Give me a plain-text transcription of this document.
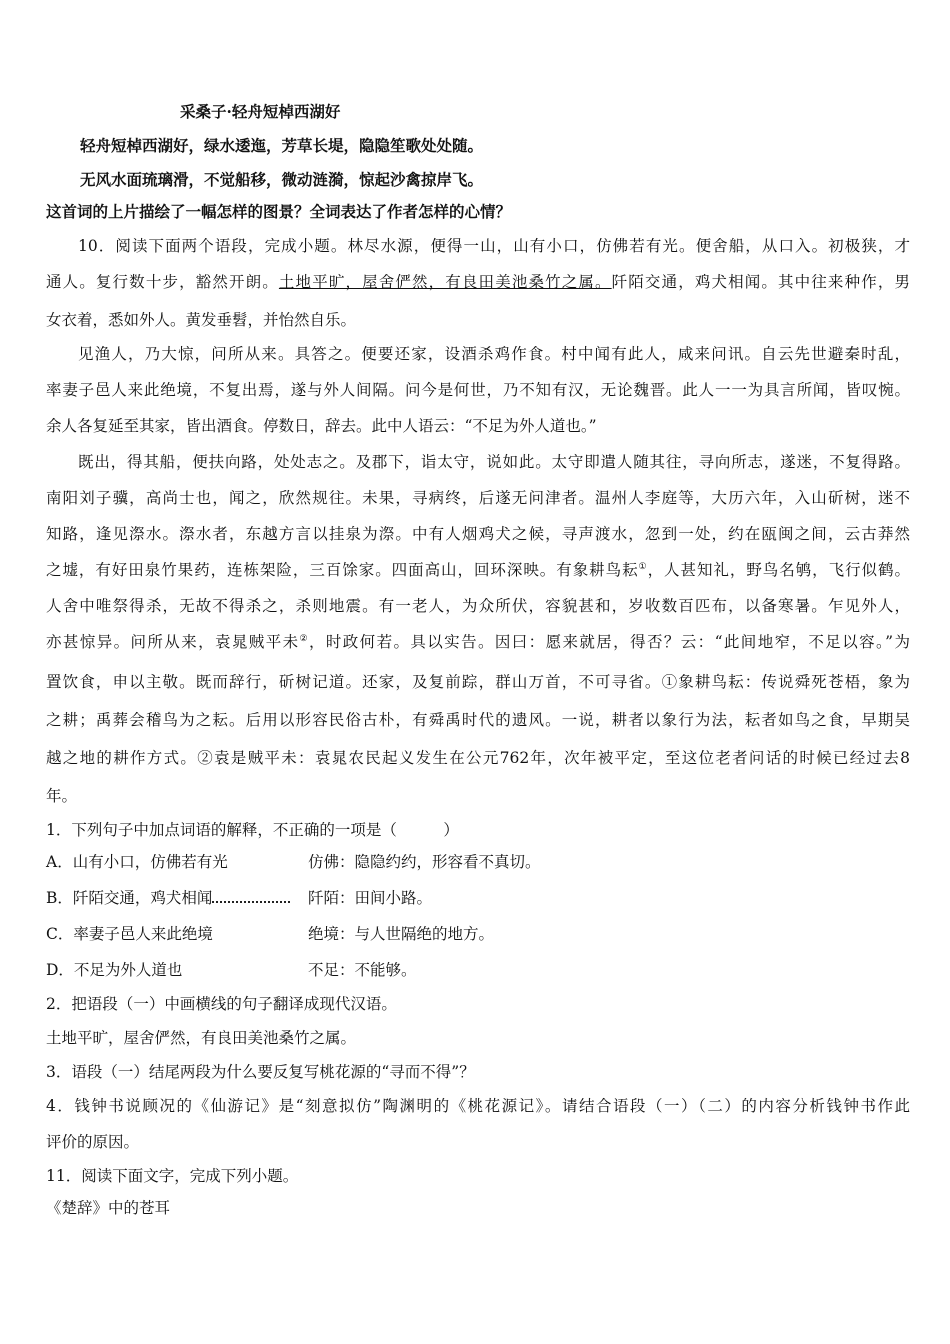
采桑子·轻舟短棹西湖好
轻舟短棹西湖好，绿水逶迤，芳草长堤，隐隐笙歌处处随。
无风水面琉璃滑，不觉船移，微动涟漪，惊起沙禽掠岸飞。
这首词的上片描绘了一幅怎样的图景？全词表达了作者怎样的心情？
10．阅读下面两个语段，完成小题。林尽水源，便得一山，山有小口，仿佛若有光。便舍船，从口入。初极狭，才
通人。复行数十步，豁然开朗。土地平旷，屋舍俨然，有良田美池桑竹之属。阡陌交通，鸡犬相闻。其中往来种作，男
女衣着，悉如外人。黄发垂髫，并怡然自乐。
见渔人，乃大惊，问所从来。具答之。便要还家，设酒杀鸡作食。村中闻有此人，咸来问讯。自云先世避秦时乱，
率妻子邑人来此绝境，不复出焉，遂与外人间隔。问今是何世，乃不知有汉，无论魏晋。此人一一为具言所闻，皆叹惋。
余人各复延至其家，皆出酒食。停数日，辞去。此中人语云：“不足为外人道也。”
既出，得其船，便扶向路，处处志之。及郡下，诣太守，说如此。太守即遣人随其往，寻向所志，遂迷，不复得路。
南阳刘子骥，高尚士也，闻之，欣然规往。未果，寻病终，后遂无问津者。温州人李庭等，大历六年，入山斫树，迷不
知路，逢见漈水。漈水者，东越方言以挂泉为漈。中有人烟鸡犬之候，寻声渡水，忽到一处，约在瓯闽之间，云古莽然
之墟，有好田泉竹果药，连栋架险，三百馀家。四面高山，回环深映。有象耕鸟耘①，人甚知礼，野鸟名鸲，飞行似鹤。
人舍中唯祭得杀，无故不得杀之，杀则地震。有一老人，为众所伏，容貌甚和，岁收数百匹布，以备寒暑。乍见外人，
亦甚惊异。问所从来，袁晁贼平未②，时政何若。具以实告。因曰：愿来就居，得否？云：“此间地窄，不足以容。”为
置饮食，申以主敬。既而辞行，斫树记道。还家，及复前踪，群山万首，不可寻省。①象耕鸟耘：传说舜死苍梧，象为
之耕；禹葬会稽鸟为之耘。后用以形容民俗古朴，有舜禹时代的遗风。一说，耕者以象行为法，耘者如鸟之食，早期吴
越之地的耕作方式。②袁是贼平未：袁晁农民起义发生在公元762年，次年被平定，至这位老者问话的时候已经过去8
年。
1．下列句子中加点词语的解释，不正确的一项是（　　　）
A．山有小口，仿佛若有光	仿佛：隐隐约约，形容看不真切。
B．阡陌交通，鸡犬相闻	阡陌：田间小路。
C．率妻子邑人来此绝境	绝境：与人世隔绝的地方。
D．不足为外人道也	不足：不能够。
2．把语段（一）中画横线的句子翻译成现代汉语。
土地平旷，屋舍俨然，有良田美池桑竹之属。
3．语段（一）结尾两段为什么要反复写桃花源的“寻而不得”？
4．钱钟书说顾况的《仙游记》是“刻意拟仿”陶渊明的《桃花源记》。请结合语段（一）（二）的内容分析钱钟书作此
评价的原因。
11．阅读下面文字，完成下列小题。
《楚辞》中的苍耳
